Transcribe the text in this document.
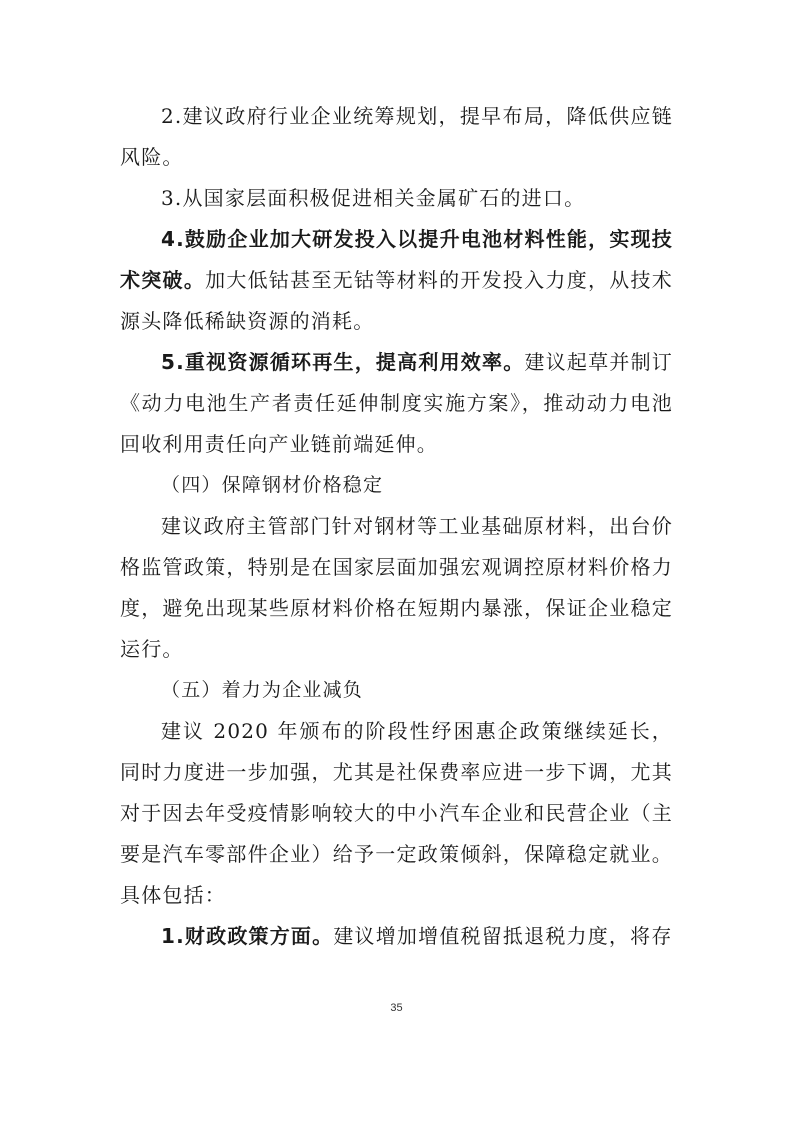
2.建议政府行业企业统筹规划，提早布局，降低供应链风险。

3.从国家层面积极促进相关金属矿石的进口。

4.鼓励企业加大研发投入以提升电池材料性能，实现技术突破。加大低钴甚至无钴等材料的开发投入力度，从技术源头降低稀缺资源的消耗。

5.重视资源循环再生，提高利用效率。建议起草并制订《动力电池生产者责任延伸制度实施方案》，推动动力电池回收利用责任向产业链前端延伸。

（四）保障钢材价格稳定

建议政府主管部门针对钢材等工业基础原材料，出台价格监管政策，特别是在国家层面加强宏观调控原材料价格力度，避免出现某些原材料价格在短期内暴涨，保证企业稳定运行。

（五）着力为企业减负

建议 2020 年颁布的阶段性纾困惠企政策继续延长，同时力度进一步加强，尤其是社保费率应进一步下调，尤其对于因去年受疫情影响较大的中小汽车企业和民营企业（主要是汽车零部件企业）给予一定政策倾斜，保障稳定就业。具体包括：

1.财政政策方面。建议增加增值税留抵退税力度，将存

35
